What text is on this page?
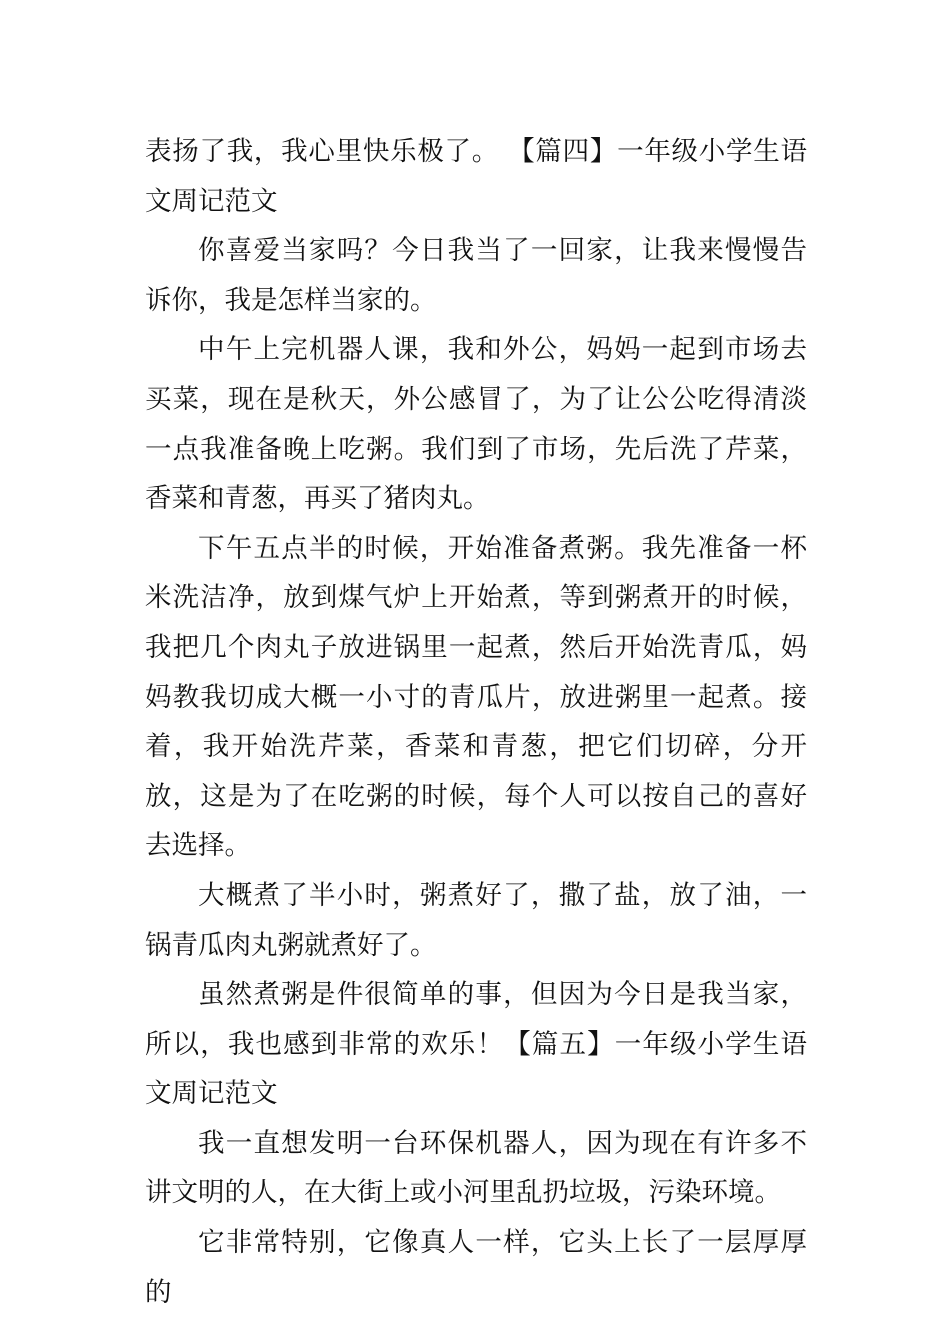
表扬了我，我心里快乐极了。 【篇四】一年级小学生语文周记范文

你喜爱当家吗？今日我当了一回家，让我来慢慢告诉你，我是怎样当家的。

中午上完机器人课，我和外公，妈妈一起到市场去买菜，现在是秋天，外公感冒了，为了让公公吃得清淡一点我准备晚上吃粥。我们到了市场，先后洗了芹菜，香菜和青葱，再买了猪肉丸。

下午五点半的时候，开始准备煮粥。我先准备一杯米洗洁净，放到煤气炉上开始煮，等到粥煮开的时候，我把几个肉丸子放进锅里一起煮，然后开始洗青瓜，妈妈教我切成大概一小寸的青瓜片，放进粥里一起煮。接着，我开始洗芹菜，香菜和青葱，把它们切碎，分开放，这是为了在吃粥的时候，每个人可以按自己的喜好去选择。

大概煮了半小时，粥煮好了，撒了盐，放了油，一锅青瓜肉丸粥就煮好了。

虽然煮粥是件很简单的事，但因为今日是我当家，所以，我也感到非常的欢乐！【篇五】一年级小学生语文周记范文

我一直想发明一台环保机器人，因为现在有许多不讲文明的人，在大街上或小河里乱扔垃圾，污染环境。

它非常特别，它像真人一样，它头上长了一层厚厚的
